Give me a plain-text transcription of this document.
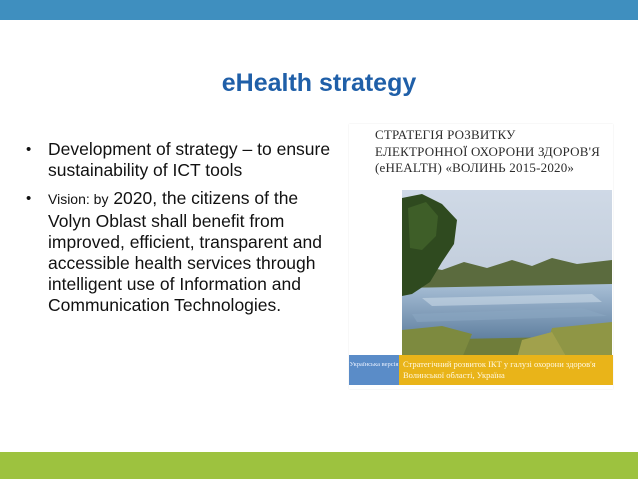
eHealth strategy
• Development of strategy – to ensure sustainability of ICT tools
• Vision: by 2020, the citizens of the Volyn Oblast shall benefit from improved, efficient, transparent and accessible health services through intelligent use of Information and Communication Technologies.
СТРАТЕГІЯ РОЗВИТКУ ЕЛЕКТРОННОЇ ОХОРОНИ ЗДОРОВ'Я (eHEALTH) «ВОЛИНЬ 2015-2020»
Українська версія Стратегічний розвиток ІКТ у галузі охорони здоров'я Волинської області, Україна
